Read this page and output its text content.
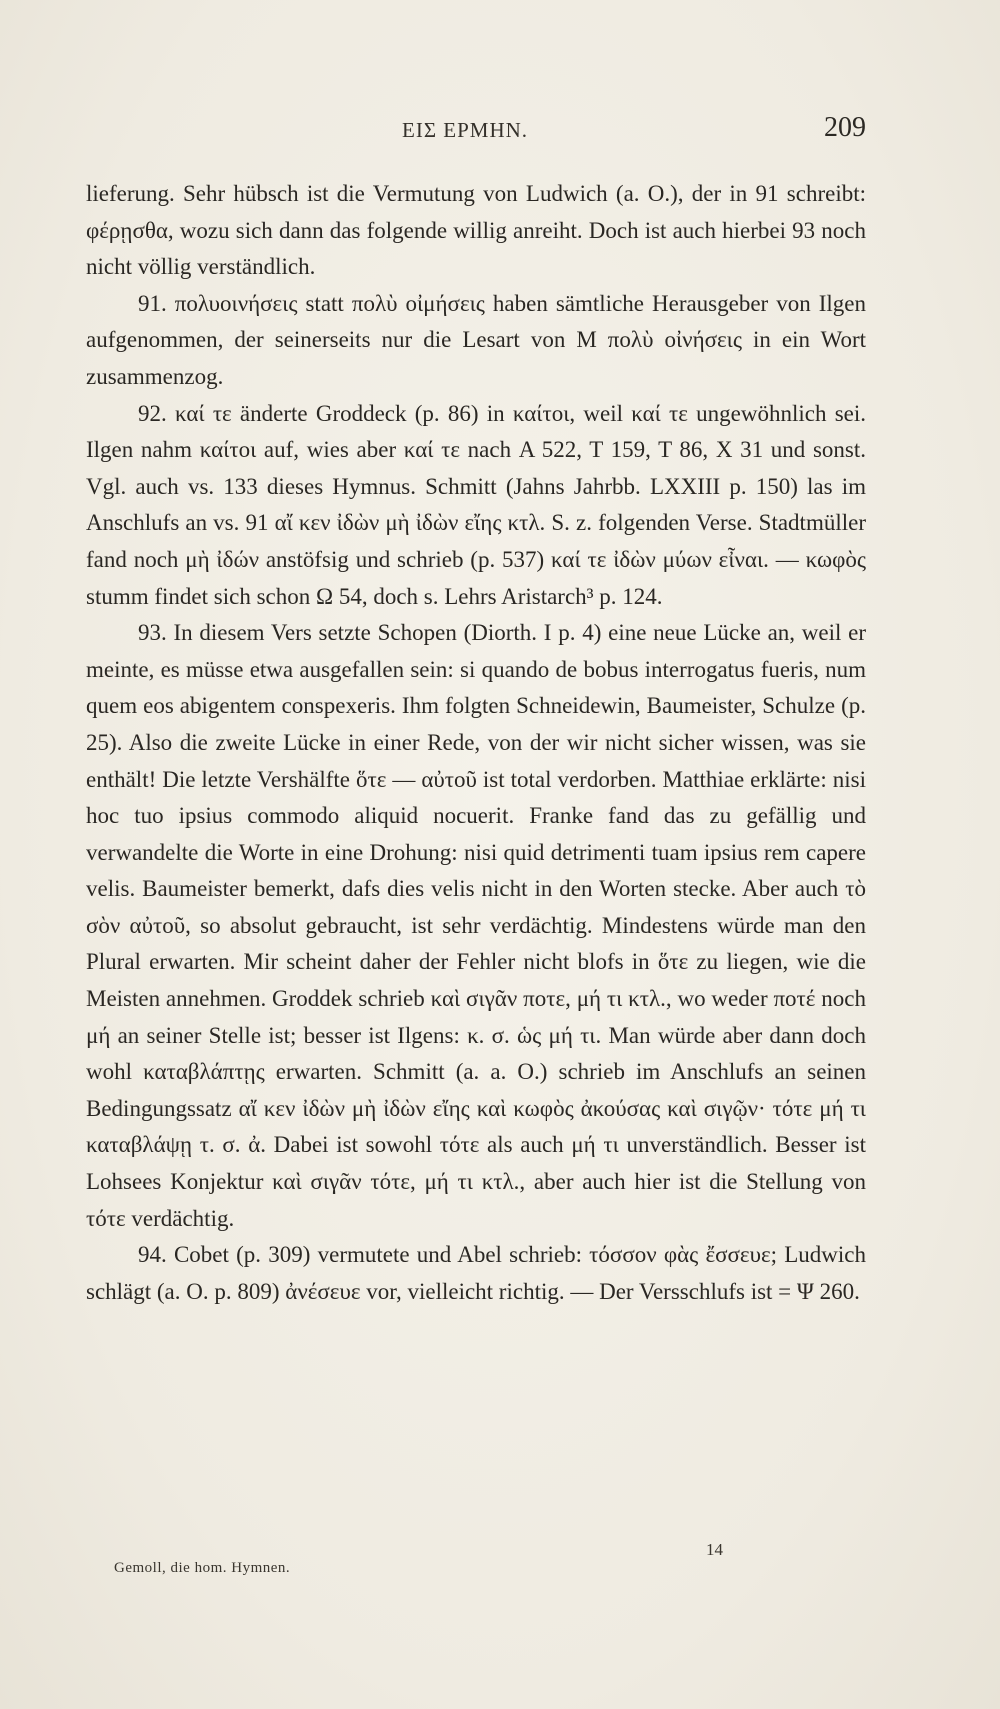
ΕΙΣ ΕΡΜΗΝ.	209

lieferung. Sehr hübsch ist die Vermutung von Ludwich (a. O.), der in 91 schreibt: φέρῃσθα, wozu sich dann das folgende willig anreiht. Doch ist auch hierbei 93 noch nicht völlig verständlich.

91. πολυοινήσεις statt πολὺ οἰμήσεις haben sämtliche Herausgeber von Ilgen aufgenommen, der seinerseits nur die Lesart von M πολὺ οἰνήσεις in ein Wort zusammenzog.

92. καί τε änderte Groddeck (p. 86) in καίτοι, weil καί τε ungewöhnlich sei. Ilgen nahm καίτοι auf, wies aber καί τε nach Α 522, Τ 159, Τ 86, Χ 31 und sonst. Vgl. auch vs. 133 dieses Hymnus. Schmitt (Jahns Jahrbb. LXXIII p. 150) las im Anschlufs an vs. 91 αἴ κεν ἰδὼν μὴ ἰδὼν εἴης κτλ. S. z. folgenden Verse. Stadtmüller fand noch μὴ ἰδών anstöfsig und schrieb (p. 537) καί τε ἰδὼν μύων εἶναι. — κωφὸς stumm findet sich schon Ω 54, doch s. Lehrs Aristarch³ p. 124.

93. In diesem Vers setzte Schopen (Diorth. I p. 4) eine neue Lücke an, weil er meinte, es müsse etwa ausgefallen sein: si quando de bobus interrogatus fueris, num quem eos abigentem conspexeris. Ihm folgten Schneidewin, Baumeister, Schulze (p. 25). Also die zweite Lücke in einer Rede, von der wir nicht sicher wissen, was sie enthält! Die letzte Vershälfte ὅτε — αὐτοῦ ist total verdorben. Matthiae erklärte: nisi hoc tuo ipsius commodo aliquid nocuerit. Franke fand das zu gefällig und verwandelte die Worte in eine Drohung: nisi quid detrimenti tuam ipsius rem capere velis. Baumeister bemerkt, dafs dies velis nicht in den Worten stecke. Aber auch τὸ σὸν αὐτοῦ, so absolut gebraucht, ist sehr verdächtig. Mindestens würde man den Plural erwarten. Mir scheint daher der Fehler nicht blofs in ὅτε zu liegen, wie die Meisten annehmen. Groddek schrieb καὶ σιγᾶν ποτε, μή τι κτλ., wo weder ποτέ noch μή an seiner Stelle ist; besser ist Ilgens: κ. σ. ὡς μή τι. Man würde aber dann doch wohl καταβλάπτῃς erwarten. Schmitt (a. a. O.) schrieb im Anschlufs an seinen Bedingungssatz αἴ κεν ἰδὼν μὴ ἰδὼν εἴης καὶ κωφὸς ἀκούσας καὶ σιγῷν· τότε μή τι καταβλάψῃ τ. σ. ἀ. Dabei ist sowohl τότε als auch μή τι unverständlich. Besser ist Lohsees Konjektur καὶ σιγᾶν τότε, μή τι κτλ., aber auch hier ist die Stellung von τότε verdächtig.

94. Cobet (p. 309) vermutete und Abel schrieb: τόσσον φὰς ἔσσευε; Ludwich schlägt (a. O. p. 809) ἀνέσευε vor, vielleicht richtig. — Der Versschlufs ist = Ψ 260.

Gemoll, die hom. Hymnen.
14
